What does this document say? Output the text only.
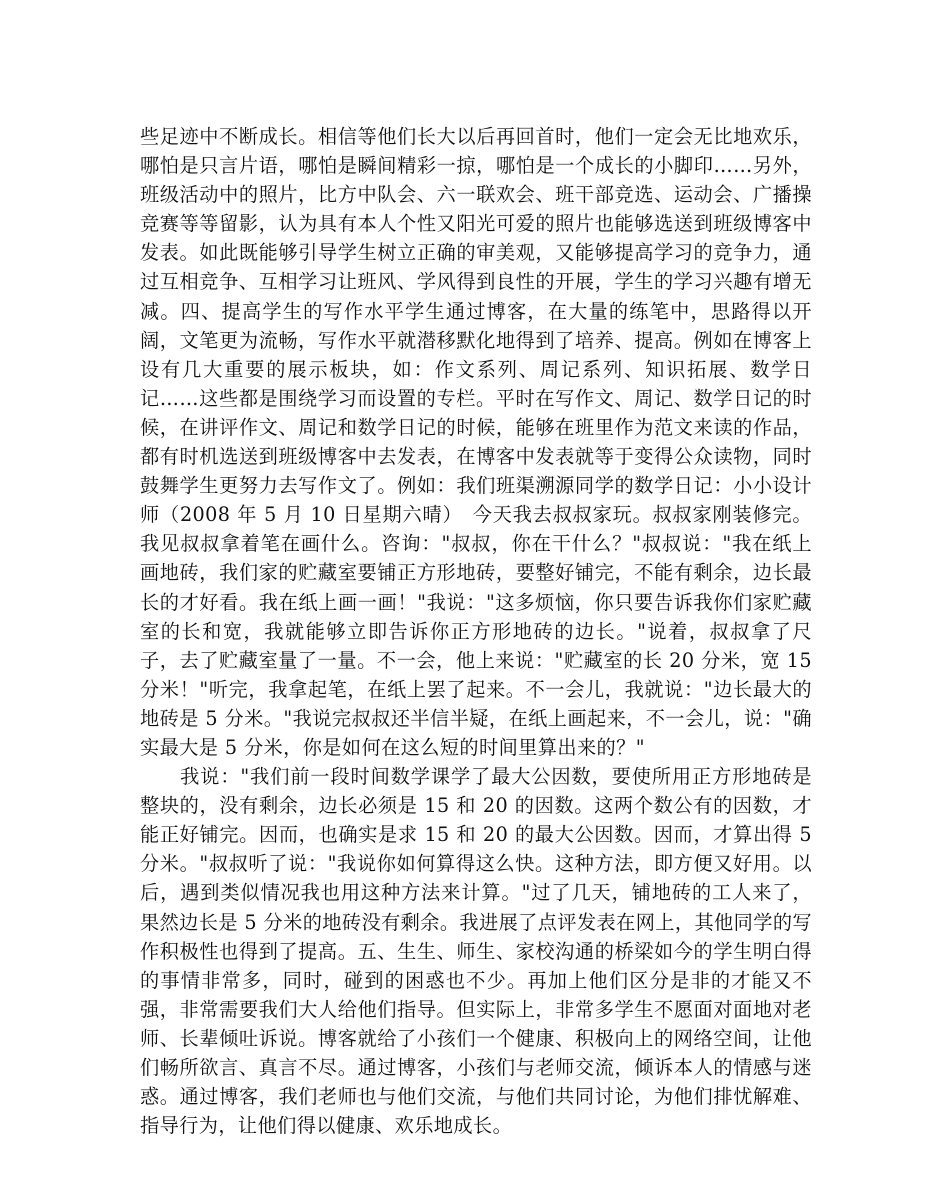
些足迹中不断成长。相信等他们长大以后再回首时，他们一定会无比地欢乐，哪怕是只言片语，哪怕是瞬间精彩一掠，哪怕是一个成长的小脚印……另外，班级活动中的照片，比方中队会、六一联欢会、班干部竞选、运动会、广播操竞赛等等留影，认为具有本人个性又阳光可爱的照片也能够选送到班级博客中发表。如此既能够引导学生树立正确的审美观，又能够提高学习的竞争力，通过互相竞争、互相学习让班风、学风得到良性的开展，学生的学习兴趣有增无减。四、提高学生的写作水平学生通过博客，在大量的练笔中，思路得以开阔，文笔更为流畅，写作水平就潜移默化地得到了培养、提高。例如在博客上设有几大重要的展示板块，如：作文系列、周记系列、知识拓展、数学日记……这些都是围绕学习而设置的专栏。平时在写作文、周记、数学日记的时候，在讲评作文、周记和数学日记的时候，能够在班里作为范文来读的作品，都有时机选送到班级博客中去发表，在博客中发表就等于变得公众读物，同时鼓舞学生更努力去写作文了。例如：我们班渠溯源同学的数学日记：小小设计师（2008 年 5 月 10 日星期六晴）　今天我去叔叔家玩。叔叔家刚装修完。我见叔叔拿着笔在画什么。咨询："叔叔，你在干什么？"叔叔说："我在纸上画地砖，我们家的贮藏室要铺正方形地砖，要整好铺完，不能有剩余，边长最长的才好看。我在纸上画一画！"我说："这多烦恼，你只要告诉我你们家贮藏室的长和宽，我就能够立即告诉你正方形地砖的边长。"说着，叔叔拿了尺子，去了贮藏室量了一量。不一会，他上来说："贮藏室的长 20 分米，宽 15 分米！"听完，我拿起笔，在纸上罢了起来。不一会儿，我就说："边长最大的地砖是 5 分米。"我说完叔叔还半信半疑，在纸上画起来，不一会儿，说："确实最大是 5 分米，你是如何在这么短的时间里算出来的？"

　　我说："我们前一段时间数学课学了最大公因数，要使所用正方形地砖是整块的，没有剩余，边长必须是 15 和 20 的因数。这两个数公有的因数，才能正好铺完。因而，也确实是求 15 和 20 的最大公因数。因而，才算出得 5 分米。"叔叔听了说："我说你如何算得这么快。这种方法，即方便又好用。以后，遇到类似情况我也用这种方法来计算。"过了几天，铺地砖的工人来了，果然边长是 5 分米的地砖没有剩余。我进展了点评发表在网上，其他同学的写作积极性也得到了提高。五、生生、师生、家校沟通的桥梁如今的学生明白得的事情非常多，同时，碰到的困惑也不少。再加上他们区分是非的才能又不强，非常需要我们大人给他们指导。但实际上，非常多学生不愿面对面地对老师、长辈倾吐诉说。博客就给了小孩们一个健康、积极向上的网络空间，让他们畅所欲言、真言不尽。通过博客，小孩们与老师交流，倾诉本人的情感与迷惑。通过博客，我们老师也与他们交流，与他们共同讨论，为他们排忧解难、指导行为，让他们得以健康、欢乐地成长。
